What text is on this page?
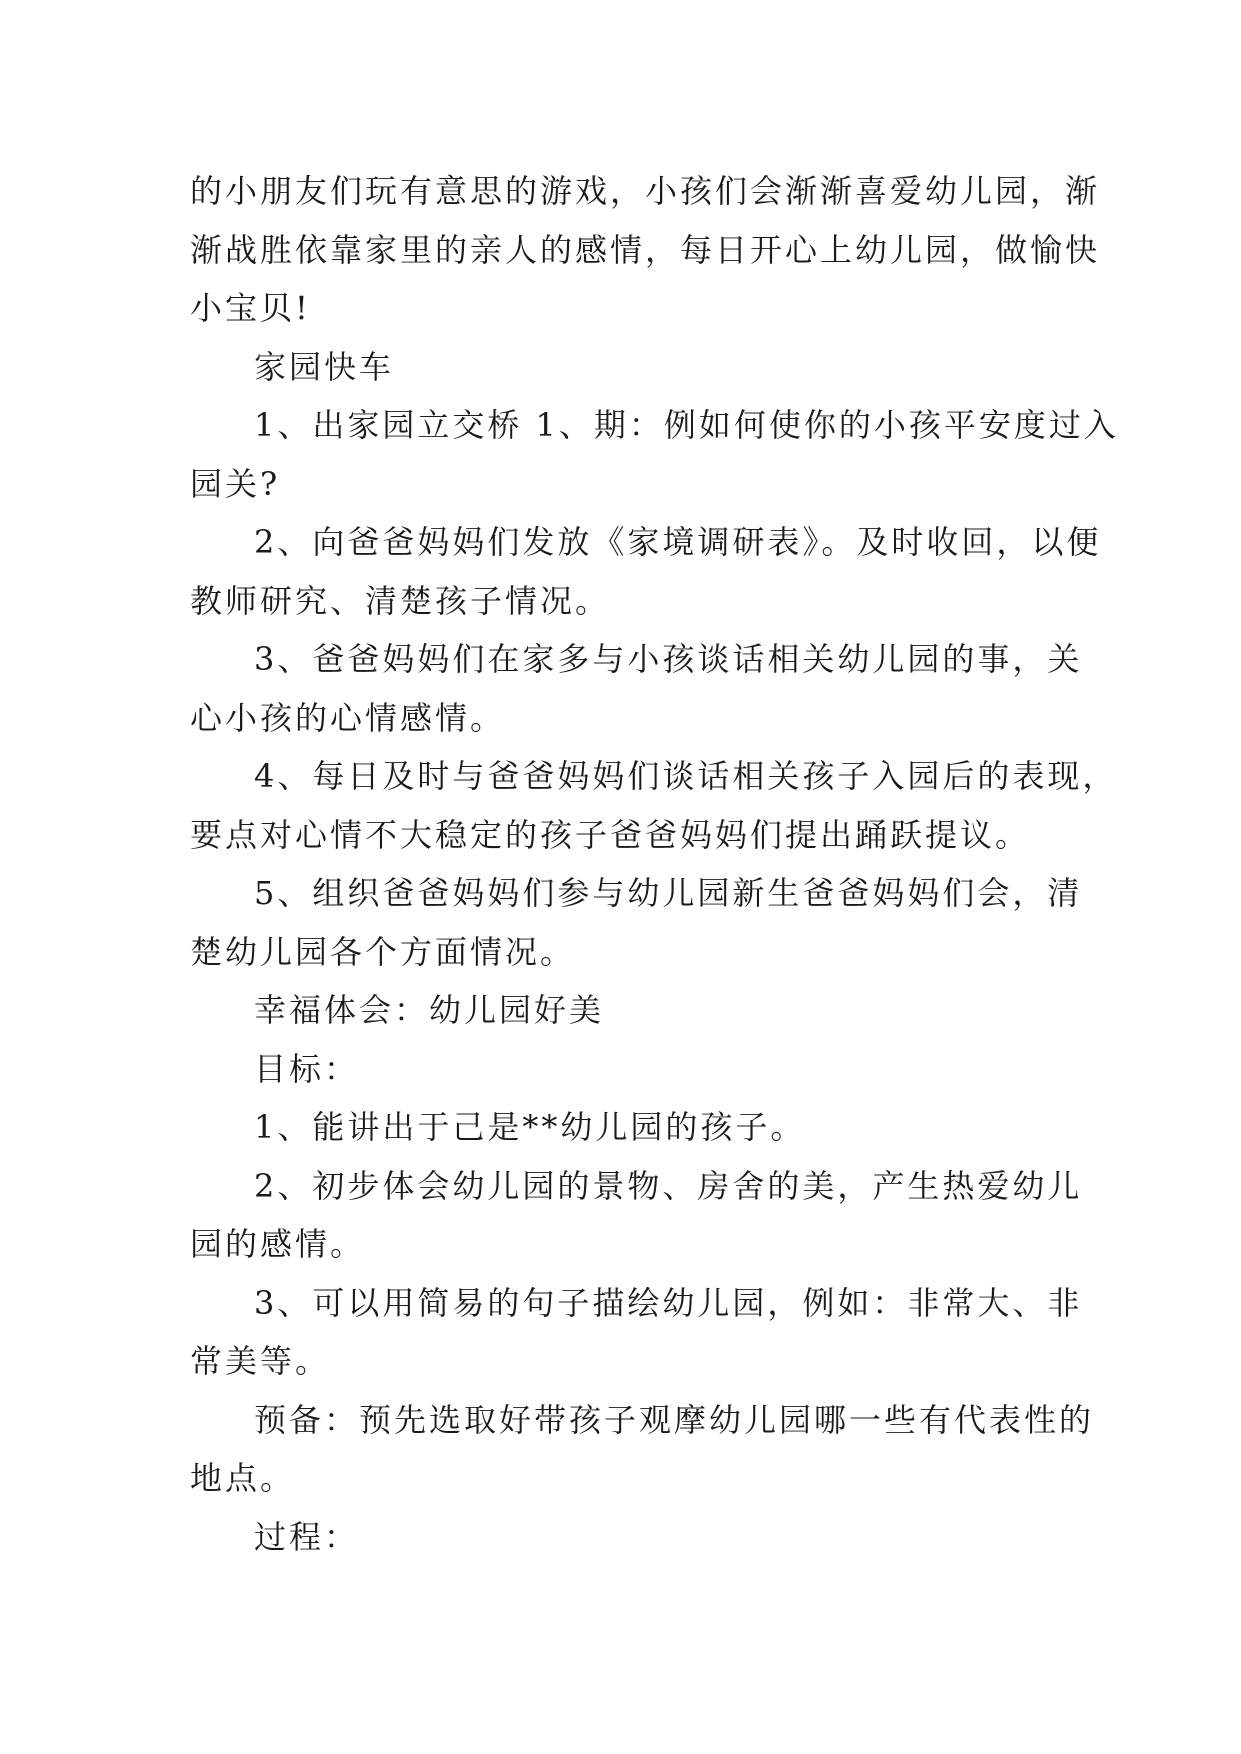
的小朋友们玩有意思的游戏，小孩们会渐渐喜爱幼儿园，渐
渐战胜依靠家里的亲人的感情，每日开心上幼儿园，做愉快
小宝贝!
家园快车
1、出家园立交桥 1、期：例如何使你的小孩平安度过入
园关?
2、向爸爸妈妈们发放《家境调研表》。及时收回，以便
教师研究、清楚孩子情况。
3、爸爸妈妈们在家多与小孩谈话相关幼儿园的事，关
心小孩的心情感情。
4、每日及时与爸爸妈妈们谈话相关孩子入园后的表现，
要点对心情不大稳定的孩子爸爸妈妈们提出踊跃提议。
5、组织爸爸妈妈们参与幼儿园新生爸爸妈妈们会，清
楚幼儿园各个方面情况。
幸福体会：幼儿园好美
目标：
1、能讲出于己是**幼儿园的孩子。
2、初步体会幼儿园的景物、房舍的美，产生热爱幼儿
园的感情。
3、可以用简易的句子描绘幼儿园，例如：非常大、非
常美等。
预备：预先选取好带孩子观摩幼儿园哪一些有代表性的
地点。
过程：
